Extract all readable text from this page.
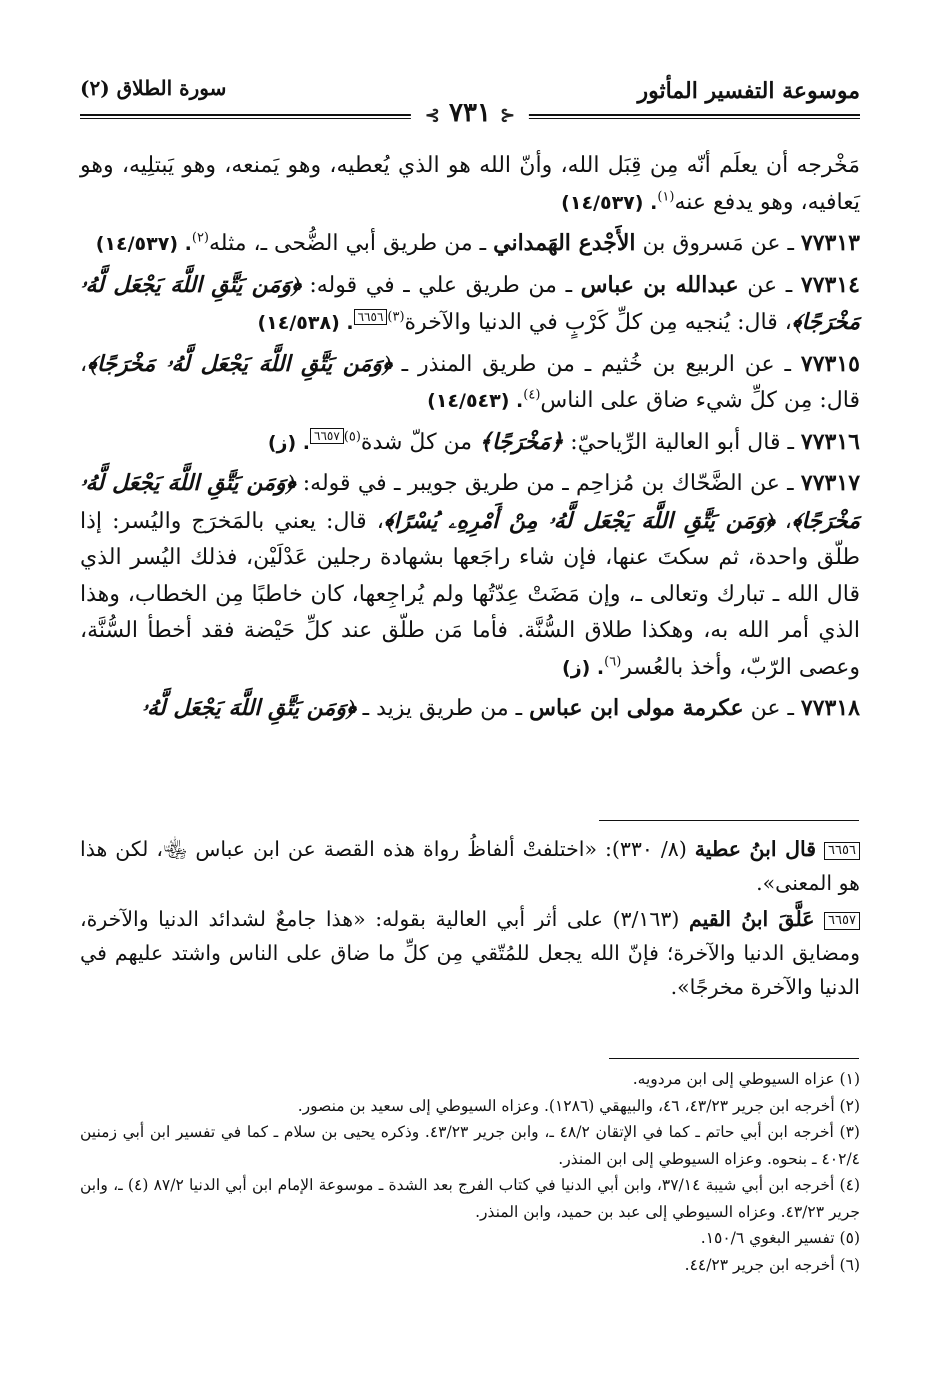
موسوعة التفسير المأثور
سورة الطلاق (٢)
⊰ ٧٣١ ⊱

مَخْرجه أن يعلَم أنّه مِن قِبَل الله، وأنّ الله هو الذي يُعطيه، وهو يَمنعه، وهو يَبتلِيه، وهو يَعافيه، وهو يدفع عنه$^{(١)}$. (١٤/٥٣٧)

٧٧٣١٣ ـ عن مَسروق بن الأَجْدع الهَمداني ـ من طريق أبي الضُّحى ـ، مثله$^{(٢)}$. (١٤/٥٣٧)

٧٧٣١٤ ـ عن عبدالله بن عباس ـ من طريق علي ـ في قوله: ﴿وَمَن يَتَّقِ اللَّهَ يَجْعَل لَّهُۥ مَخْرَجًا﴾، قال: يُنجيه مِن كلِّ كَرْبٍ في الدنيا والآخرة$^{(٣)}$٦٦٥٦. (١٤/٥٣٨)

٧٧٣١٥ ـ عن الربيع بن خُثيم ـ من طريق المنذر ـ ﴿وَمَن يَتَّقِ اللَّهَ يَجْعَل لَّهُۥ مَخْرَجًا﴾، قال: مِن كلِّ شيء ضاق على الناس$^{(٤)}$. (١٤/٥٤٣)

٧٧٣١٦ ـ قال أبو العالية الرِّياحيّ: ﴿مَخْرَجًا﴾ من كلّ شدة$^{(٥)}$٦٦٥٧. (ز)

٧٧٣١٧ ـ عن الضَّحّاك بن مُزاحِم ـ من طريق جويبر ـ في قوله: ﴿وَمَن يَتَّقِ اللَّهَ يَجْعَل لَّهُۥ مَخْرَجًا﴾، ﴿وَمَن يَتَّقِ اللَّهَ يَجْعَل لَّهُۥ مِنْ أَمْرِهِۦ يُسْرًا﴾، قال: يعني بالمَخرَج واليُسر: إذا طلّق واحدة، ثم سكتَ عنها، فإن شاء راجَعها بشهادة رجلين عَدْلَيْن، فذلك اليُسر الذي قال الله ـ تبارك وتعالى ـ، وإن مَضَتْ عِدّتُها ولم يُراجِعها، كان خاطبًا مِن الخطاب، وهذا الذي أمر الله به، وهكذا طلاق السُّنَّة. فأما مَن طلّق عند كلِّ حَيْضة فقد أخطأ السُّنَّة، وعصى الرّبّ، وأخذ بالعُسر$^{(٦)}$. (ز)

٧٧٣١٨ ـ عن عكرمة مولى ابن عباس ـ من طريق يزيد ـ ﴿وَمَن يَتَّقِ اللَّهَ يَجْعَل لَّهُۥ

٦٦٥٦ قال ابنُ عطية (٨/ ٣٣٠): «اختلفتْ ألفاظُ رواة هذه القصة عن ابن عباس ﵄، لكن هذا هو المعنى».

٦٦٥٧ عَلَّقَ ابنُ القيم (٣/١٦٣) على أثر أبي العالية بقوله: «هذا جامعٌ لشدائد الدنيا والآخرة، ومضايق الدنيا والآخرة؛ فإنّ الله يجعل للمُتّقي مِن كلِّ ما ضاق على الناس واشتد عليهم في الدنيا والآخرة مخرجًا».

(١) عزاه السيوطي إلى ابن مردويه.

(٢) أخرجه ابن جرير ٤٣/٢٣، ٤٦، والبيهقي (١٢٨٦). وعزاه السيوطي إلى سعيد بن منصور.

(٣) أخرجه ابن أبي حاتم ـ كما في الإتقان ٤٨/٢ ـ، وابن جرير ٤٣/٢٣. وذكره يحيى بن سلام ـ كما في تفسير ابن أبي زمنين ٤٠٢/٤ ـ بنحوه. وعزاه السيوطي إلى ابن المنذر.

(٤) أخرجه ابن أبي شيبة ٣٧/١٤، وابن أبي الدنيا في كتاب الفرج بعد الشدة ـ موسوعة الإمام ابن أبي الدنيا ٨٧/٢ (٤) ـ، وابن جرير ٤٣/٢٣. وعزاه السيوطي إلى عبد بن حميد، وابن المنذر.

(٥) تفسير البغوي ١٥٠/٦.

(٦) أخرجه ابن جرير ٤٤/٢٣.
